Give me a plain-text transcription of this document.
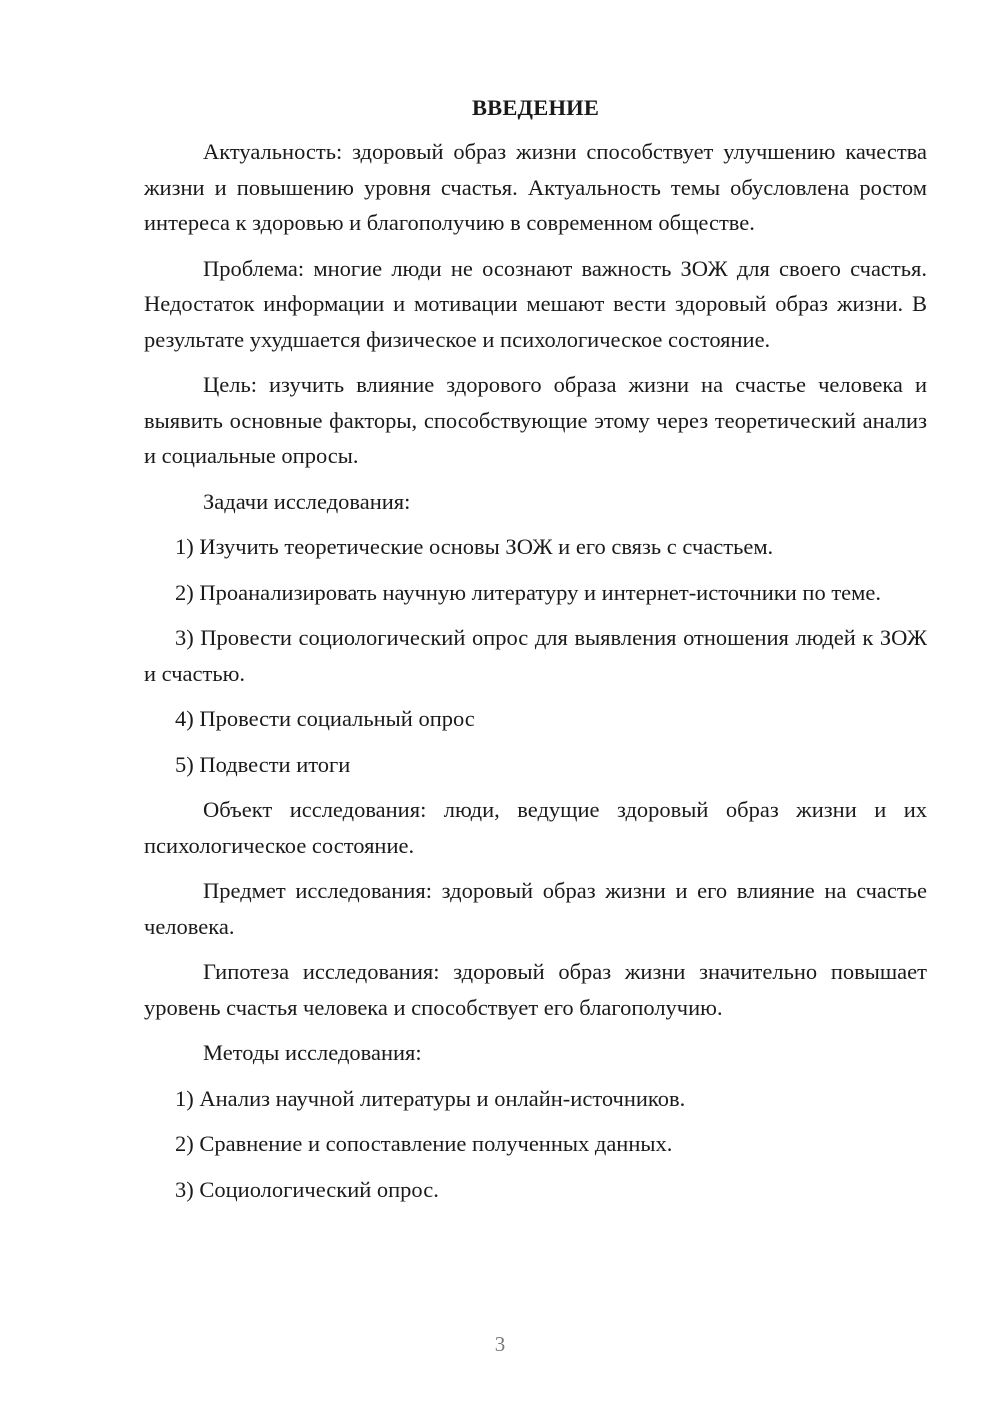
ВВЕДЕНИЕ

Актуальность: здоровый образ жизни способствует улучшению качества жизни и повышению уровня счастья. Актуальность темы обусловлена ростом интереса к здоровью и благополучию в современном обществе.

Проблема: многие люди не осознают важность ЗОЖ для своего счастья. Недостаток информации и мотивации мешают вести здоровый образ жизни. В результате ухудшается физическое и психологическое состояние.

Цель: изучить влияние здорового образа жизни на счастье человека и выявить основные факторы, способствующие этому через теоретический анализ и социальные опросы.

Задачи исследования:

1) Изучить теоретические основы ЗОЖ и его связь с счастьем.

2) Проанализировать научную литературу и интернет-источники по теме.

3) Провести социологический опрос для выявления отношения людей к ЗОЖ и счастью.

4) Провести социальный опрос

5) Подвести итоги

Объект исследования: люди, ведущие здоровый образ жизни и их психологическое состояние.

Предмет исследования: здоровый образ жизни и его влияние на счастье человека.

Гипотеза исследования: здоровый образ жизни значительно повышает уровень счастья человека и способствует его благополучию.

Методы исследования:

1) Анализ научной литературы и онлайн-источников.

2) Сравнение и сопоставление полученных данных.

3) Социологический опрос.

3
